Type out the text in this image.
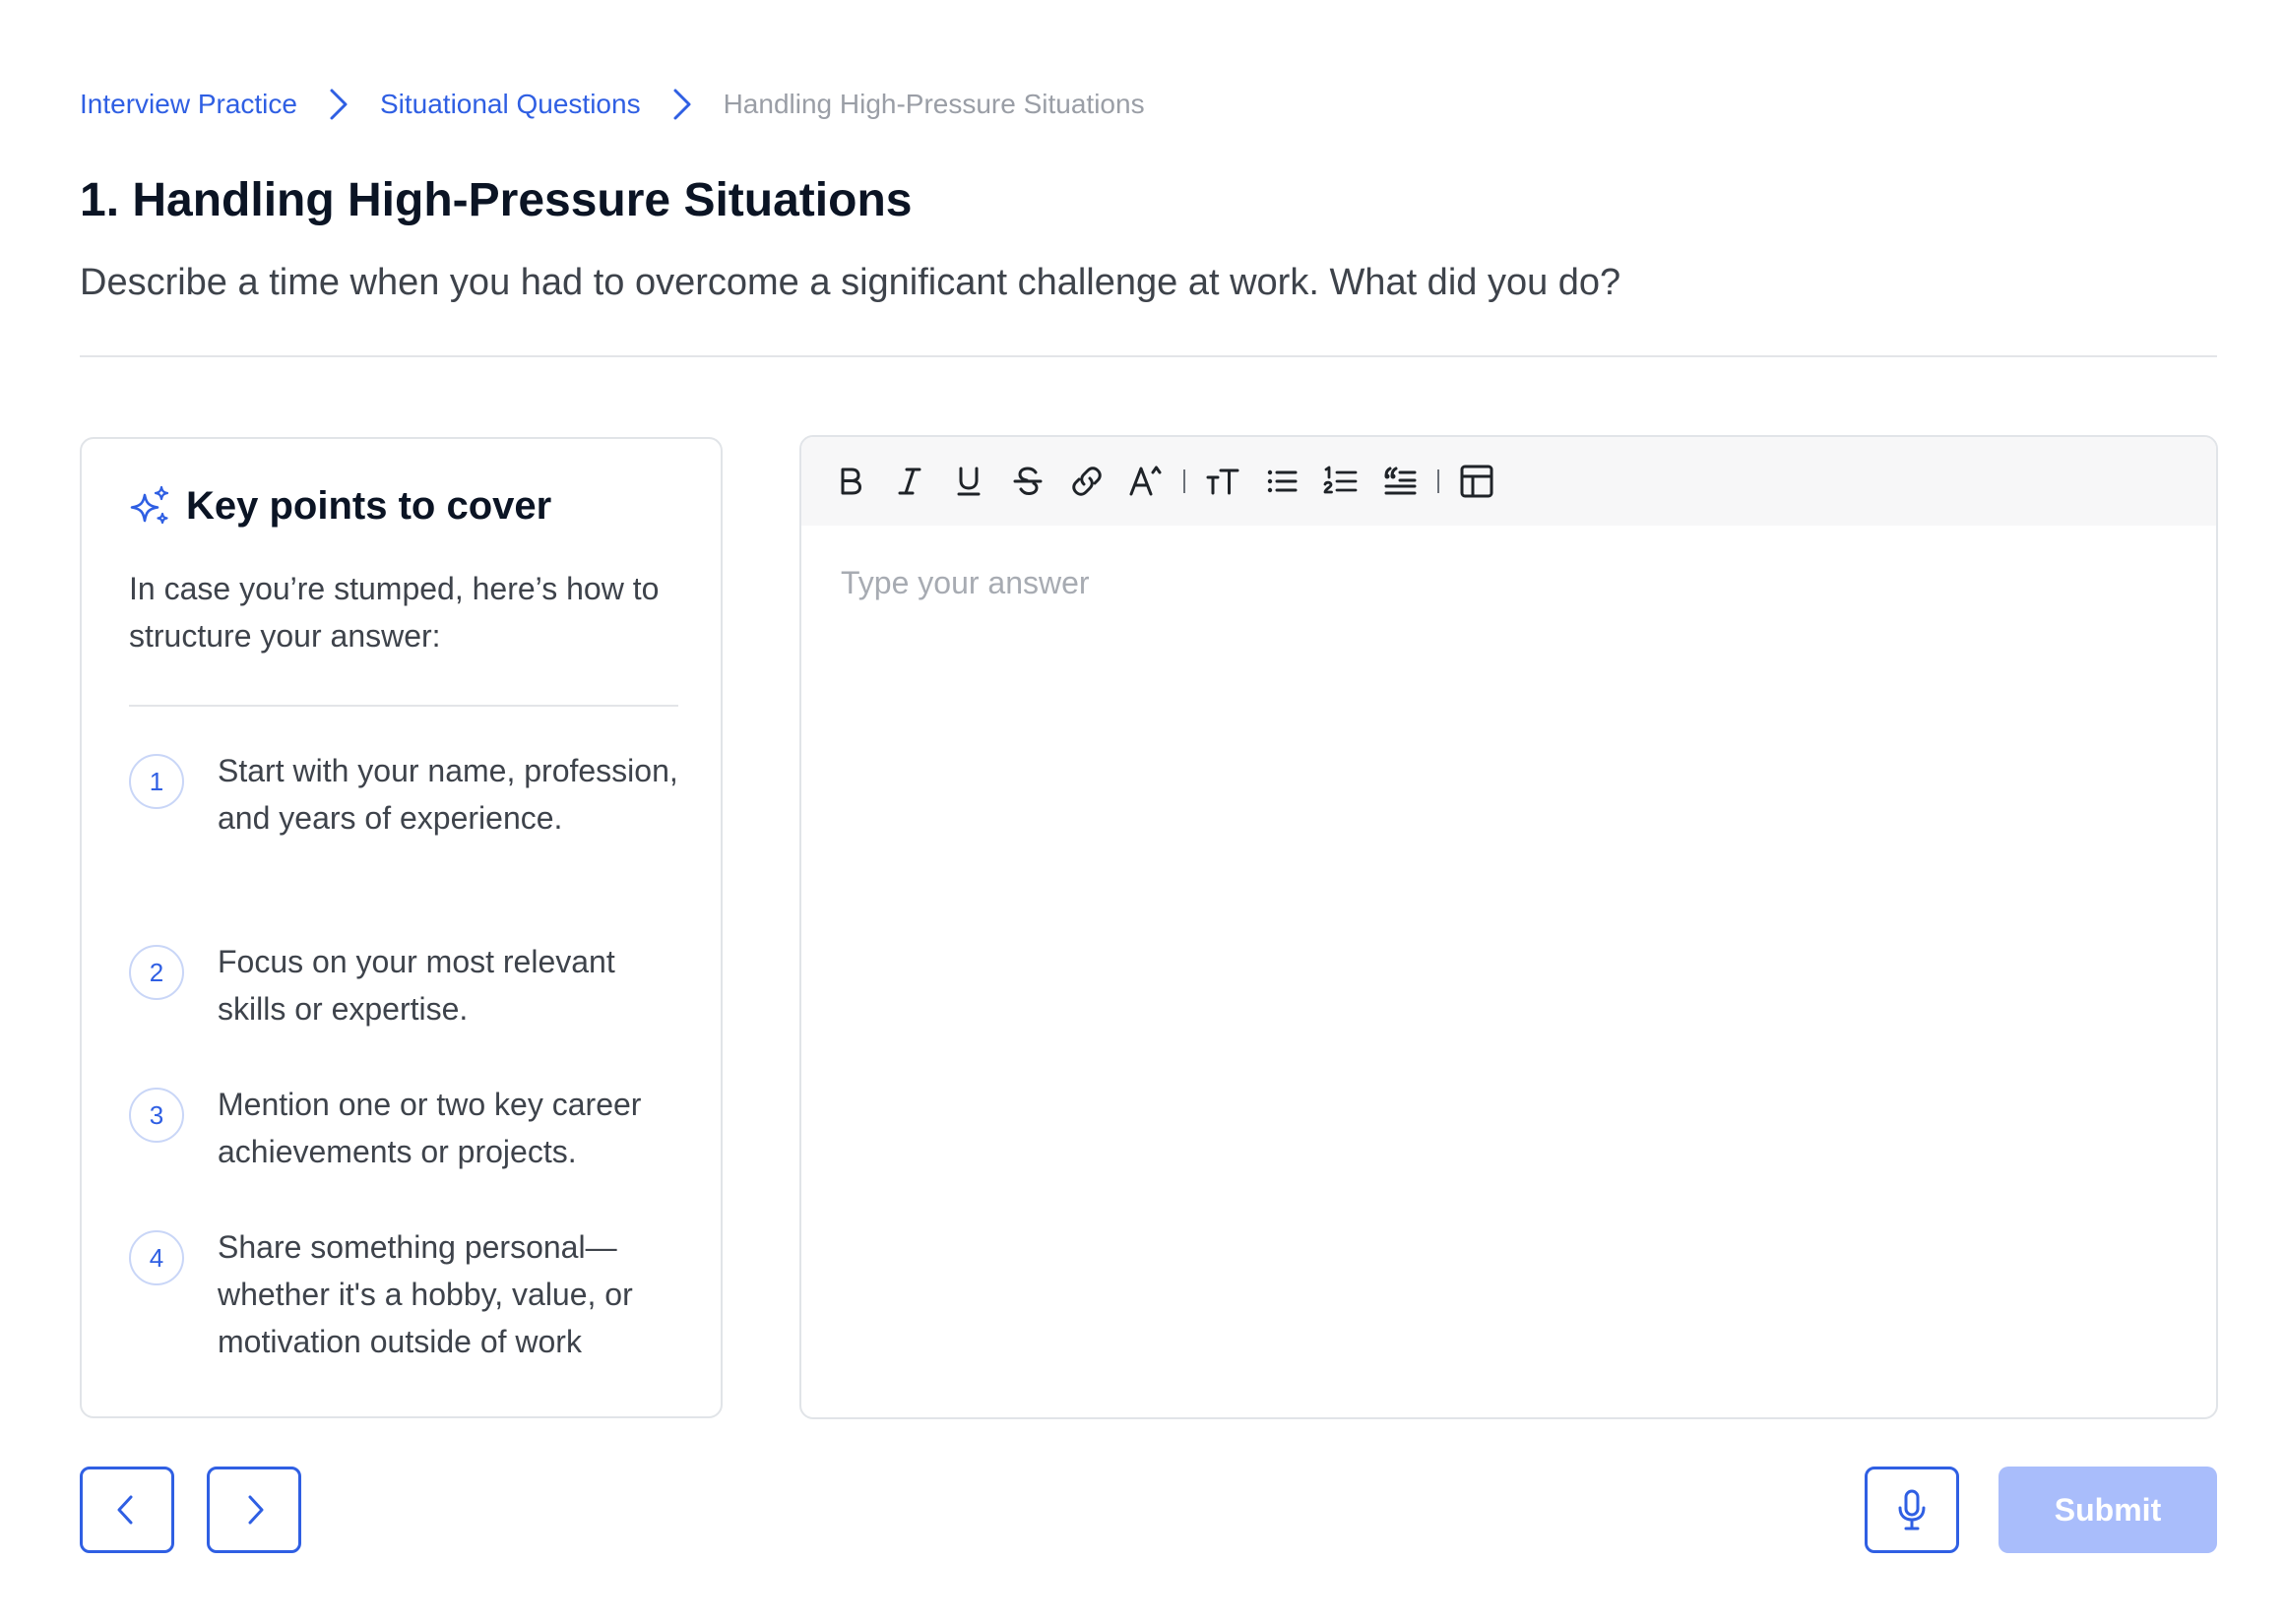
Interview Practice	Situational Questions	Handling High-Pressure Situations
1. Handling High-Pressure Situations

Describe a time when you had to overcome a significant challenge at work. What did you do?

Key points to cover

In case you’re stumped, here’s how to structure your answer:

1	Start with your name, profession, and years of experience.
2	Focus on your most relevant skills or expertise.
3	Mention one or two key career achievements or projects.
4	Share something personal—whether it's a hobby, value, or motivation outside of work
Type your answer
Submit
